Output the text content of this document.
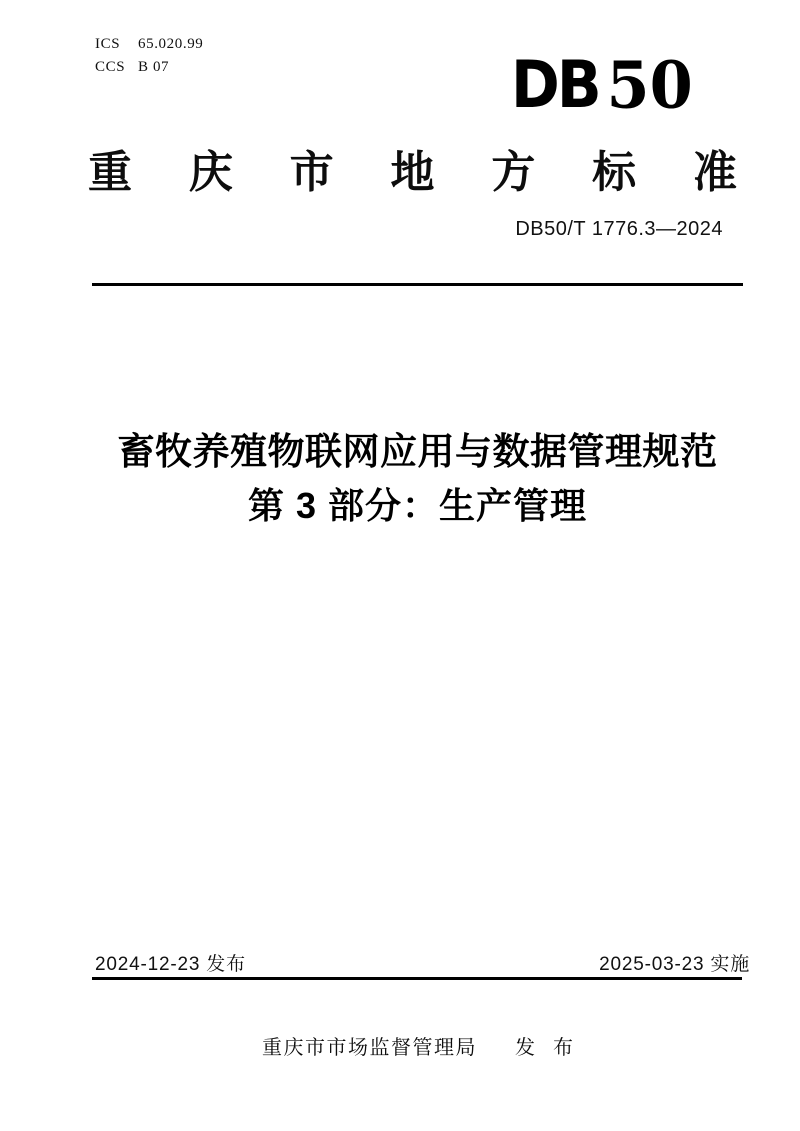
ICS 65.020.99
CCS B 07	DB 50
重 庆 市 地 方 标 准
DB50/T 1776.3—2024
畜牧养殖物联网应用与数据管理规范
第 3 部分：生产管理
2024-12-23 发布	2025-03-23 实施
重庆市市场监督管理局 发布
